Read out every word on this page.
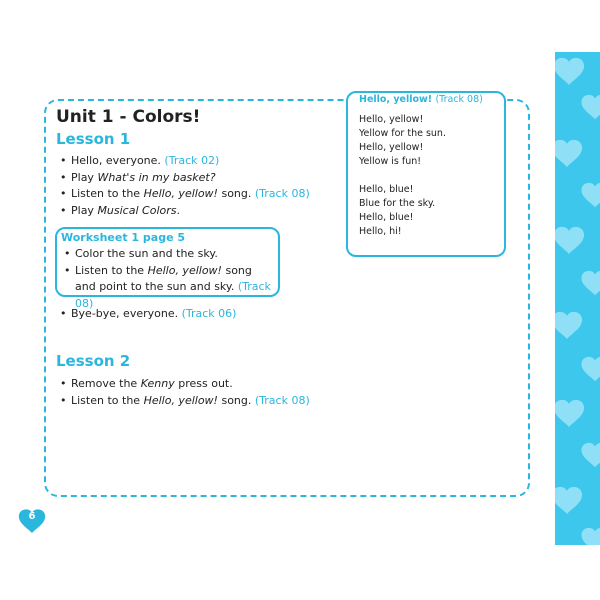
Unit 1 - Colors!
Lesson 1
• Hello, everyone. (Track 02)
• Play What's in my basket?
• Listen to the Hello, yellow! song. (Track 08)
• Play Musical Colors.
Worksheet 1 page 5
• Color the sun and the sky.
• Listen to the Hello, yellow! song and point to the sun and sky. (Track 08)
• Bye-bye, everyone. (Track 06)
Lesson 2
• Remove the Kenny press out.
• Listen to the Hello, yellow! song. (Track 08)
Hello, yellow! (Track 08)
Hello, yellow!
Yellow for the sun.
Hello, yellow!
Yellow is fun!
Hello, blue!
Blue for the sky.
Hello, blue!
Hello, hi!
6
